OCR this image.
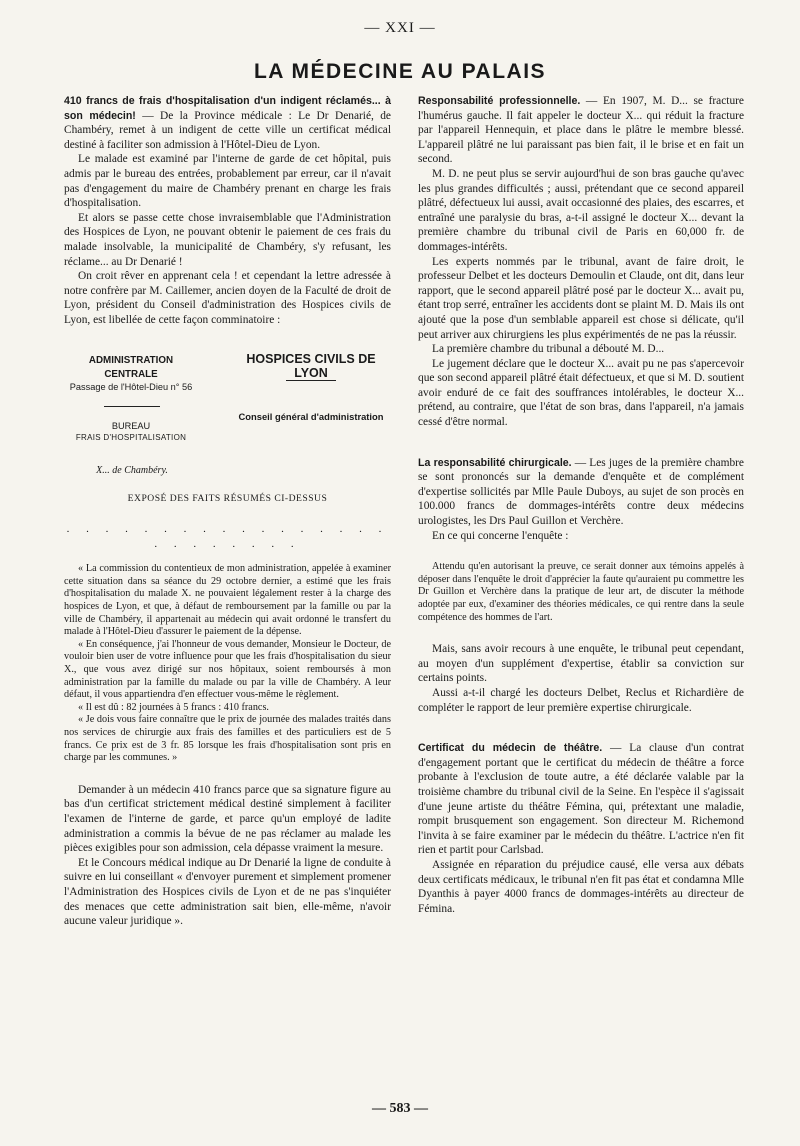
— XXI —
LA MÉDECINE AU PALAIS

410 francs de frais d'hospitalisation d'un indigent réclamés... à son médecin! — De la Province médicale : Le Dr Denarié, de Chambéry, remet à un indigent de cette ville un certificat médical destiné à faciliter son admission à l'Hôtel-Dieu de Lyon.

Le malade est examiné par l'interne de garde de cet hôpital, puis admis par le bureau des entrées, probablement par erreur, car il n'avait pas d'engagement du maire de Chambéry prenant en charge les frais d'hospitalisation.

Et alors se passe cette chose invraisemblable que l'Administration des Hospices de Lyon, ne pouvant obtenir le paiement de ces frais du malade insolvable, la municipalité de Chambéry, s'y refusant, les réclame... au Dr Denarié !

On croit rêver en apprenant cela ! et cependant la lettre adressée à notre confrère par M. Caillemer, ancien doyen de la Faculté de droit de Lyon, président du Conseil d'administration des Hospices civils de Lyon, est libellée de cette façon comminatoire :

ADMINISTRATION CENTRALE
HOSPICES CIVILS DE LYON
Passage de l'Hôtel-Dieu n° 56
Conseil général d'administration
BUREAU
FRAIS D'HOSPITALISATION
X... de Chambéry.
EXPOSÉ DES FAITS RÉSUMÉS CI-DESSUS
. . . . . . . . . . . . . . . . . . . . . . . . .

« La commission du contentieux de mon administration, appelée à examiner cette situation dans sa séance du 29 octobre dernier, a estimé que les frais d'hospitalisation du malade X. ne pouvaient légalement rester à la charge des hospices de Lyon, et que, à défaut de remboursement par la famille ou par la ville de Chambéry, il appartenait au médecin qui avait ordonné le transfert du malade à l'Hôtel-Dieu d'assurer le paiement de la dépense.

« En conséquence, j'ai l'honneur de vous demander, Monsieur le Docteur, de vouloir bien user de votre influence pour que les frais d'hospitalisation du sieur X., que vous avez dirigé sur nos hôpitaux, soient remboursés à mon administration par la famille du malade ou par la ville de Chambéry. A leur défaut, il vous appartiendra d'en effectuer vous-même le règlement.

« Il est dû : 82 journées à 5 francs : 410 francs.

« Je dois vous faire connaître que le prix de journée des malades traités dans nos services de chirurgie aux frais des familles et des particuliers est de 5 francs. Ce prix est de 3 fr. 85 lorsque les frais d'hospitalisation sont pris en charge par les communes. »

Demander à un médecin 410 francs parce que sa signature figure au bas d'un certificat strictement médical destiné simplement à faciliter l'examen de l'interne de garde, et parce qu'un employé de ladite administration a commis la bévue de ne pas réclamer au malade les pièces exigibles pour son admission, cela dépasse vraiment la mesure.

Et le Concours médical indique au Dr Denarié la ligne de conduite à suivre en lui conseillant « d'envoyer purement et simplement promener l'Administration des Hospices civils de Lyon et de ne pas s'inquiéter des menaces que cette administration sait bien, elle-même, n'avoir aucune valeur juridique ».

Responsabilité professionnelle. — En 1907, M. D... se fracture l'humérus gauche. Il fait appeler le docteur X... qui réduit la fracture par l'appareil Hennequin, et place dans le plâtre le membre blessé. L'appareil plâtré ne lui paraissant pas bien fait, il le brise et en fait un second.

M. D. ne peut plus se servir aujourd'hui de son bras gauche qu'avec les plus grandes difficultés ; aussi, prétendant que ce second appareil plâtré, défectueux lui aussi, avait occasionné des plaies, des escarres, et entraîné une paralysie du bras, a-t-il assigné le docteur X... devant la première chambre du tribunal civil de Paris en 60,000 fr. de dommages-intérêts.

Les experts nommés par le tribunal, avant de faire droit, le professeur Delbet et les docteurs Demoulin et Claude, ont dit, dans leur rapport, que le second appareil plâtré posé par le docteur X... avait pu, étant trop serré, entraîner les accidents dont se plaint M. D. Mais ils ont ajouté que la pose d'un semblable appareil est chose si délicate, qu'il peut arriver aux chirurgiens les plus expérimentés de ne pas la réussir.

La première chambre du tribunal a débouté M. D...

Le jugement déclare que le docteur X... avait pu ne pas s'apercevoir que son second appareil plâtré était défectueux, et que si M. D. soutient avoir enduré de ce fait des souffrances intolérables, le docteur X... prétend, au contraire, que l'état de son bras, dans l'appareil, n'a jamais cessé d'être normal.

La responsabilité chirurgicale. — Les juges de la première chambre se sont prononcés sur la demande d'enquête et de complément d'expertise sollicités par Mlle Paule Duboys, au sujet de son procès en 100.000 francs de dommages-intérêts contre deux médecins urologistes, les Drs Paul Guillon et Verchère.

En ce qui concerne l'enquête :

Attendu qu'en autorisant la preuve, ce serait donner aux témoins appelés à déposer dans l'enquête le droit d'apprécier la faute qu'auraient pu commettre les Dr Guillon et Verchère dans la pratique de leur art, de discuter la méthode adoptée par eux, d'examiner des théories médicales, ce qui rentre dans la seule compétence des hommes de l'art.

Mais, sans avoir recours à une enquête, le tribunal peut cependant, au moyen d'un supplément d'expertise, établir sa conviction sur certains points.

Aussi a-t-il chargé les docteurs Delbet, Reclus et Richardière de compléter le rapport de leur première expertise chirurgicale.

Certificat du médecin de théâtre. — La clause d'un contrat d'engagement portant que le certificat du médecin de théâtre a force probante à l'exclusion de toute autre, a été déclarée valable par la troisième chambre du tribunal civil de la Seine. En l'espèce il s'agissait d'une jeune artiste du théâtre Fémina, qui, prétextant une maladie, rompit brusquement son engagement. Son directeur M. Richemond l'invita à se faire examiner par le médecin du théâtre. L'actrice n'en fit rien et partit pour Carlsbad.

Assignée en réparation du préjudice causé, elle versa aux débats deux certificats médicaux, le tribunal n'en fit pas état et condamna Mlle Dyanthis à payer 4000 francs de dommages-intérêts au directeur de Fémina.

— 583 —
